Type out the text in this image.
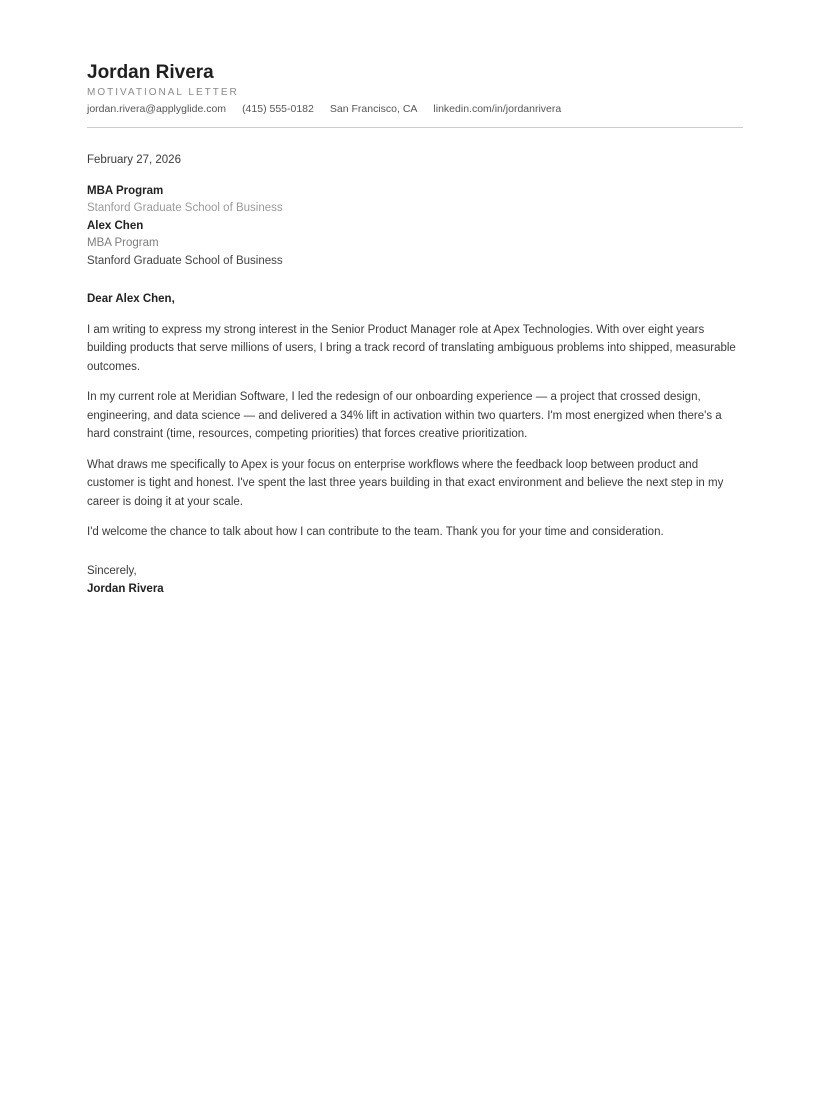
Jordan Rivera
MOTIVATIONAL LETTER
jordan.rivera@applyglide.com (415) 555-0182 San Francisco, CA linkedin.com/in/jordanrivera
February 27, 2026
MBA Program
Stanford Graduate School of Business
Alex Chen
MBA Program
Stanford Graduate School of Business
Dear Alex Chen,

I am writing to express my strong interest in the Senior Product Manager role at Apex Technologies. With over eight years building products that serve millions of users, I bring a track record of translating ambiguous problems into shipped, measurable outcomes.

In my current role at Meridian Software, I led the redesign of our onboarding experience — a project that crossed design, engineering, and data science — and delivered a 34% lift in activation within two quarters. I'm most energized when there's a hard constraint (time, resources, competing priorities) that forces creative prioritization.

What draws me specifically to Apex is your focus on enterprise workflows where the feedback loop between product and customer is tight and honest. I've spent the last three years building in that exact environment and believe the next step in my career is doing it at your scale.

I'd welcome the chance to talk about how I can contribute to the team. Thank you for your time and consideration.

Sincerely,
Jordan Rivera
